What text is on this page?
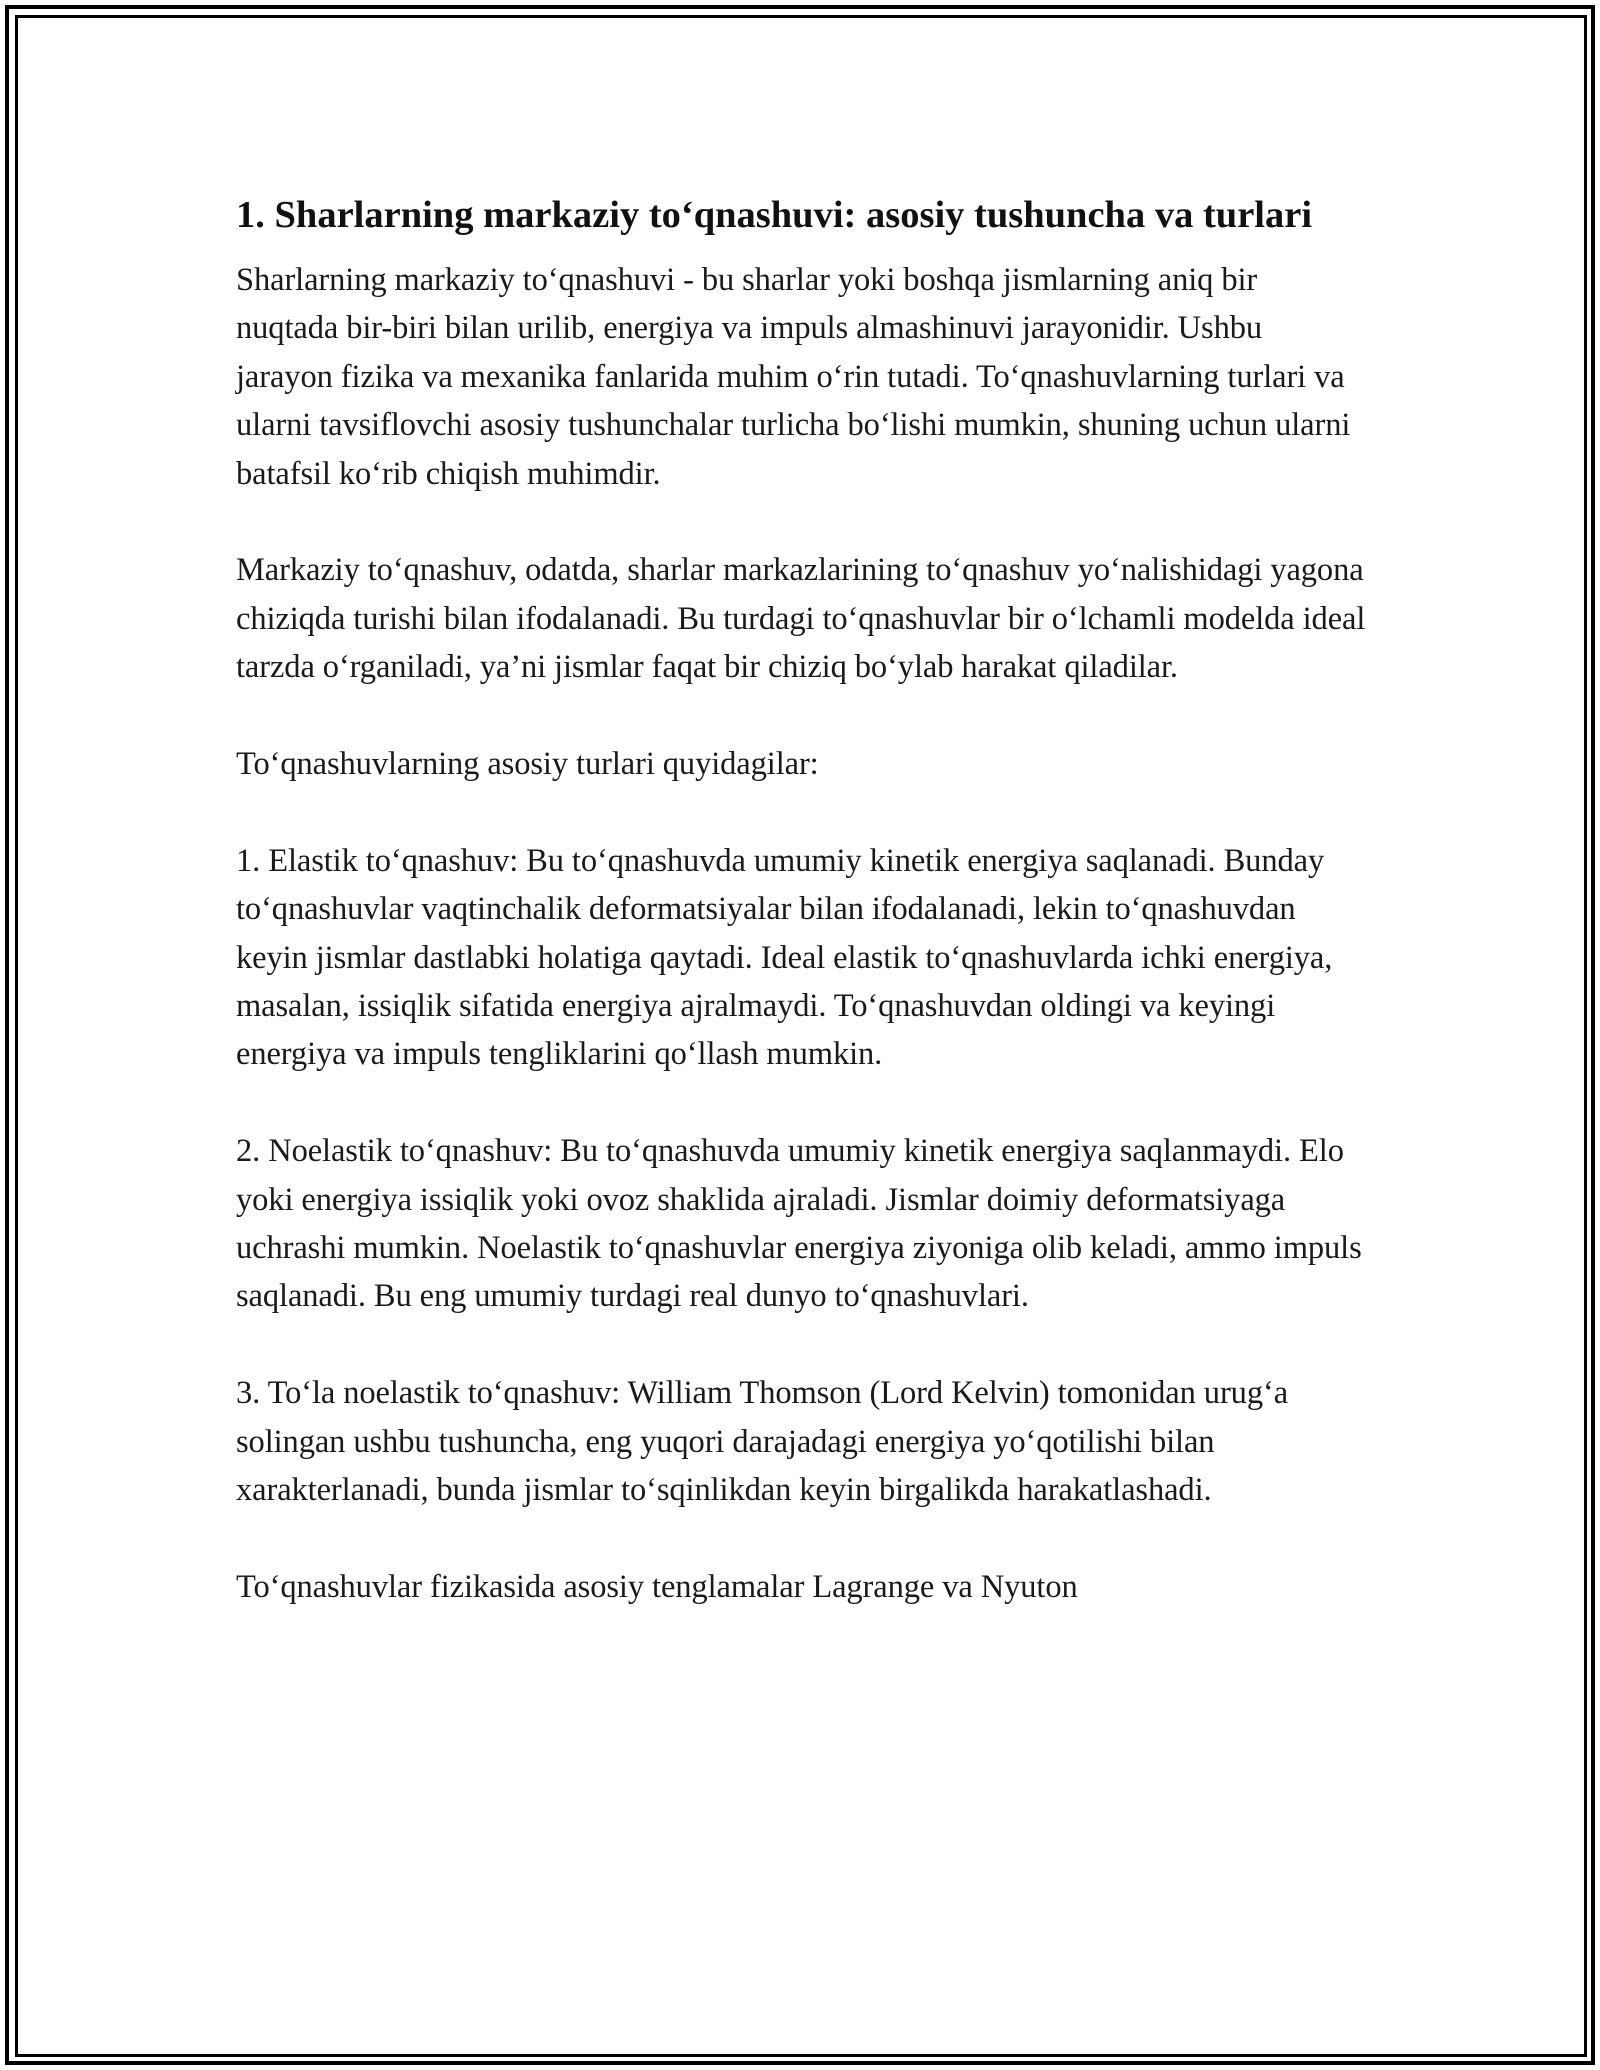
1. Sharlarning markaziy to‘qnashuvi: asosiy tushuncha va turlari

Sharlarning markaziy to‘qnashuvi - bu sharlar yoki boshqa jismlarning aniq bir nuqtada bir-biri bilan urilib, energiya va impuls almashinuvi jarayonidir. Ushbu jarayon fizika va mexanika fanlarida muhim o‘rin tutadi. To‘qnashuvlarning turlari va ularni tavsiflovchi asosiy tushunchalar turlicha bo‘lishi mumkin, shuning uchun ularni batafsil ko‘rib chiqish muhimdir.

Markaziy to‘qnashuv, odatda, sharlar markazlarining to‘qnashuv yo‘nalishidagi yagona chiziqda turishi bilan ifodalanadi. Bu turdagi to‘qnashuvlar bir o‘lchamli modelda ideal tarzda o‘rganiladi, ya’ni jismlar faqat bir chiziq bo‘ylab harakat qiladilar.

To‘qnashuvlarning asosiy turlari quyidagilar:

1. Elastik to‘qnashuv: Bu to‘qnashuvda umumiy kinetik energiya saqlanadi. Bunday to‘qnashuvlar vaqtinchalik deformatsiyalar bilan ifodalanadi, lekin to‘qnashuvdan keyin jismlar dastlabki holatiga qaytadi. Ideal elastik to‘qnashuvlarda ichki energiya, masalan, issiqlik sifatida energiya ajralmaydi. To‘qnashuvdan oldingi va keyingi energiya va impuls tengliklarini qo‘llash mumkin.

2. Noelastik to‘qnashuv: Bu to‘qnashuvda umumiy kinetik energiya saqlanmaydi. Elo yoki energiya issiqlik yoki ovoz shaklida ajraladi. Jismlar doimiy deformatsiyaga uchrashi mumkin. Noelastik to‘qnashuvlar energiya ziyoniga olib keladi, ammo impuls saqlanadi. Bu eng umumiy turdagi real dunyo to‘qnashuvlari.

3. To‘la noelastik to‘qnashuv: William Thomson (Lord Kelvin) tomonidan urug‘a solingan ushbu tushuncha, eng yuqori darajadagi energiya yo‘qotilishi bilan xarakterlanadi, bunda jismlar to‘sqinlikdan keyin birgalikda harakatlashadi.

To‘qnashuvlar fizikasida asosiy tenglamalar Lagrange va Nyuton
